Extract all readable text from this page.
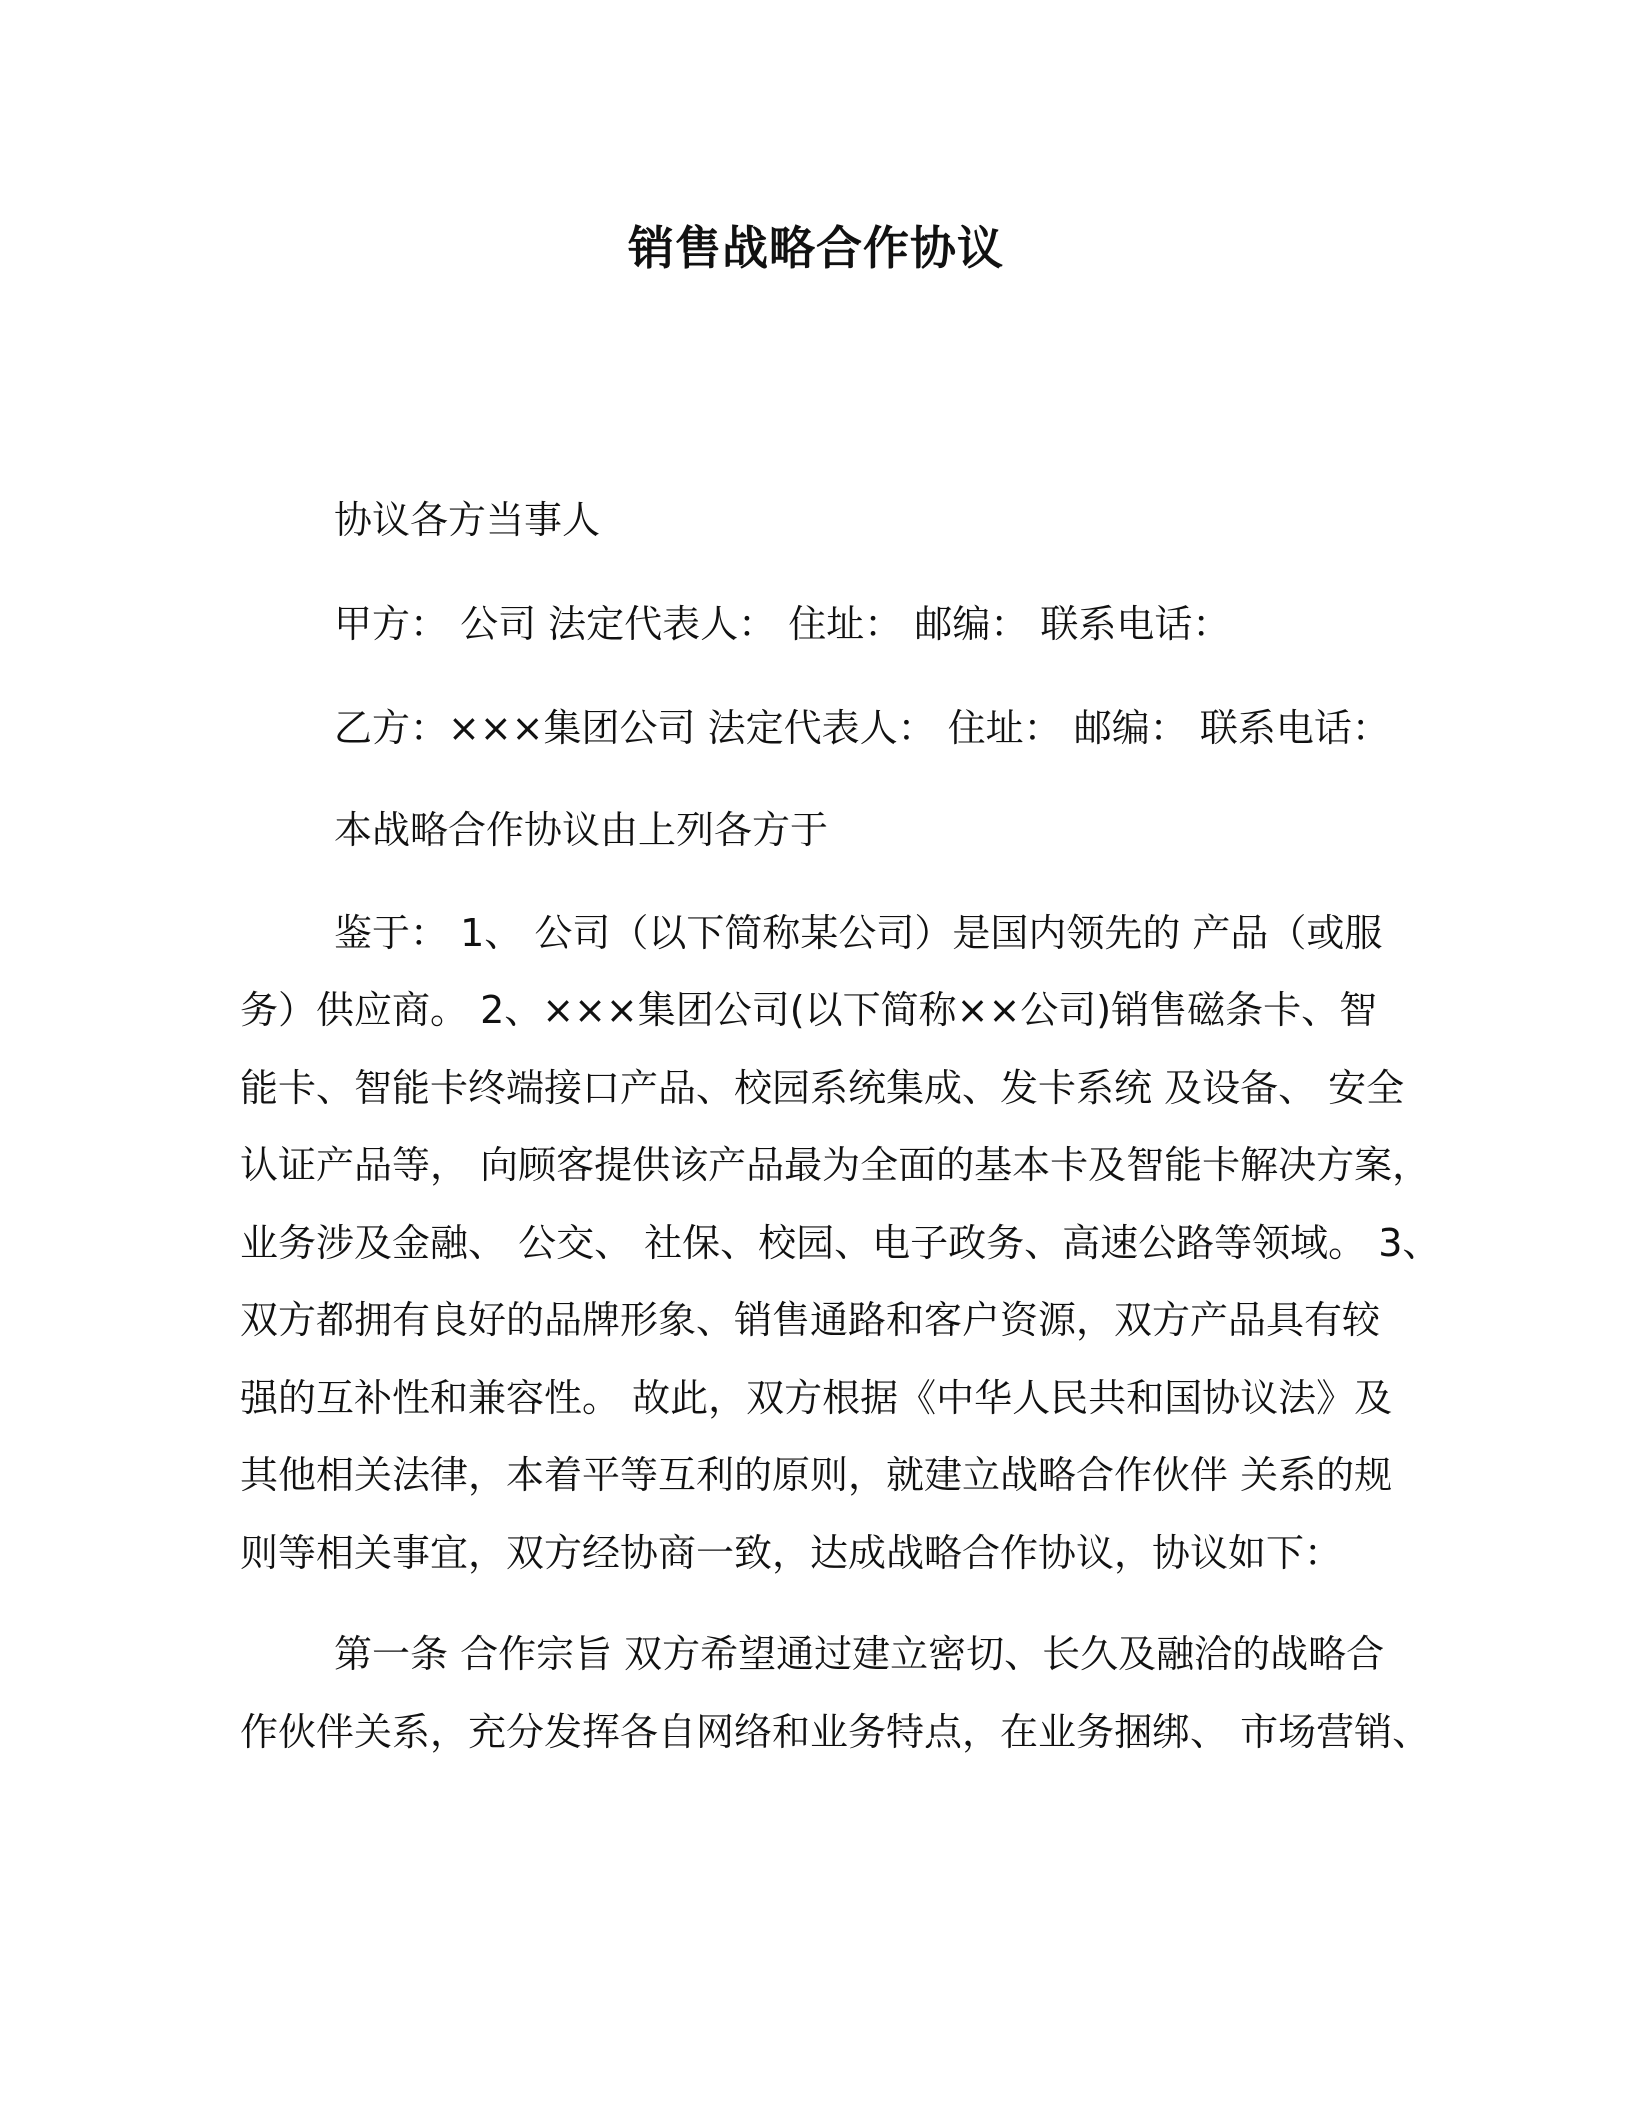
销售战略合作协议
协议各方当事人
甲方： 公司 法定代表人： 住址： 邮编： 联系电话：
乙方：×××集团公司 法定代表人： 住址： 邮编： 联系电话：
本战略合作协议由上列各方于
鉴于： 1、 公司（以下简称某公司）是国内领先的 产品（或服
务）供应商。 2、×××集团公司(以下简称××公司)销售磁条卡、智
能卡、智能卡终端接口产品、校园系统集成、发卡系统 及设备、 安全
认证产品等， 向顾客提供该产品最为全面的基本卡及智能卡解决方案，
业务涉及金融、 公交、 社保、校园、电子政务、高速公路等领域。 3、
双方都拥有良好的品牌形象、销售通路和客户资源，双方产品具有较
强的互补性和兼容性。 故此，双方根据《中华人民共和国协议法》及
其他相关法律，本着平等互利的原则，就建立战略合作伙伴 关系的规
则等相关事宜，双方经协商一致，达成战略合作协议，协议如下：
第一条 合作宗旨 双方希望通过建立密切、长久及融洽的战略合
作伙伴关系，充分发挥各自网络和业务特点，在业务捆绑、 市场营销、
